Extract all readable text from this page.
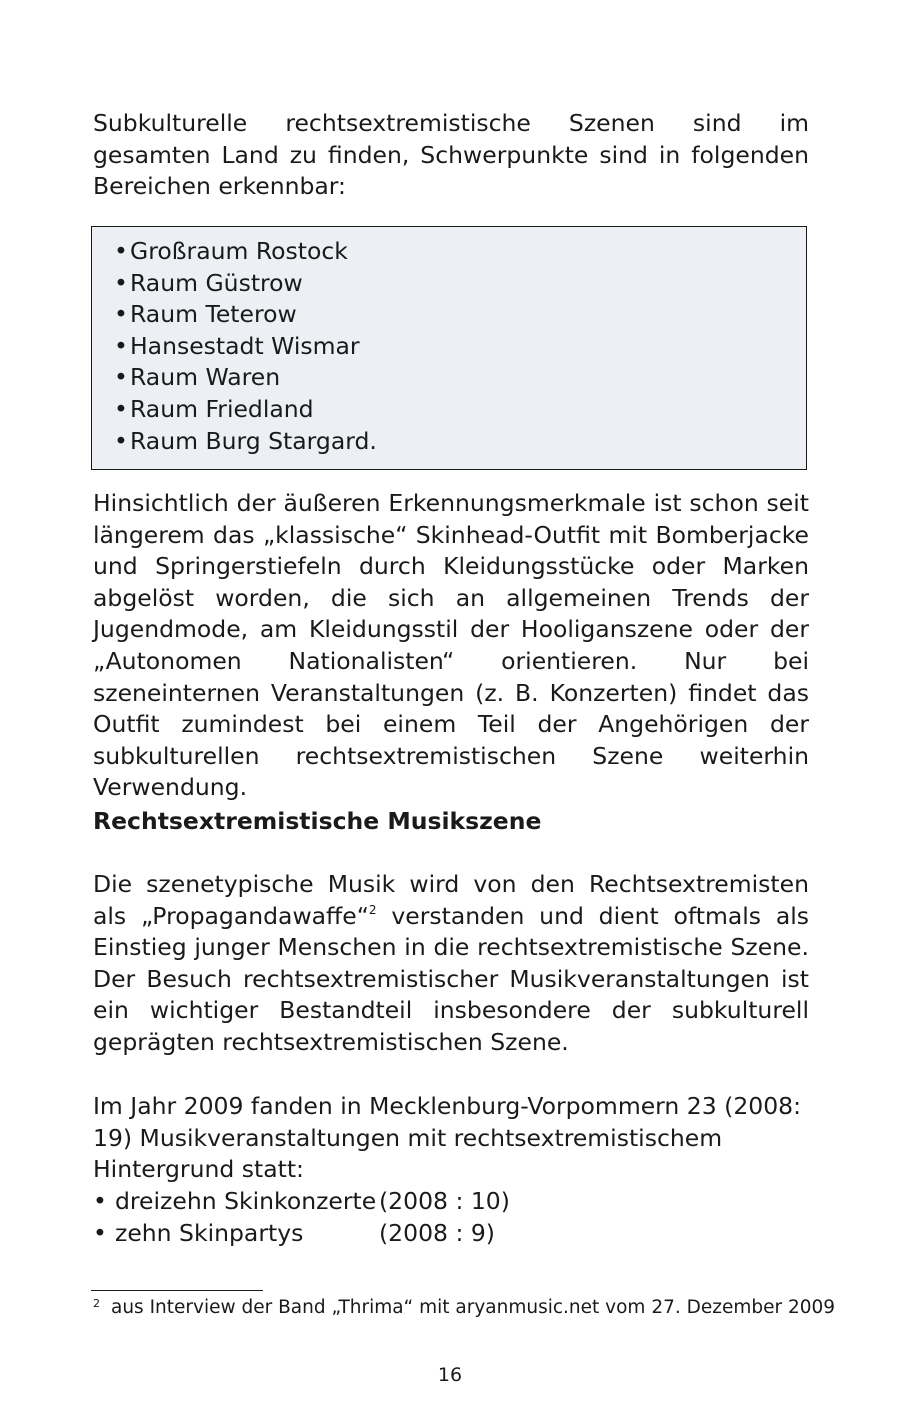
Subkulturelle rechtsextremistische Szenen sind im gesamten Land zu finden, Schwerpunkte sind in folgenden Bereichen erkennbar:

•Großraum Rostock
•Raum Güstrow
•Raum Teterow
•Hansestadt Wismar
•Raum Waren
•Raum Friedland
•Raum Burg Stargard.

Hinsichtlich der äußeren Erkennungsmerkmale ist schon seit längerem das „klassische“ Skinhead-Outfit mit Bomberjacke und Springerstiefeln durch Kleidungsstücke oder Marken abgelöst worden, die sich an allgemeinen Trends der Jugendmode, am Kleidungsstil der Hooliganszene oder der „Autonomen Nationalisten“ orientieren. Nur bei szeneinternen Veranstaltungen (z. B. Konzerten) findet das Outfit zumindest bei einem Teil der Angehörigen der subkulturellen rechtsextremistischen Szene weiterhin Verwendung.

Rechtsextremistische Musikszene

Die szenetypische Musik wird von den Rechtsextremisten als „Propagandawaffe“$^2$ verstanden und dient oftmals als Einstieg junger Menschen in die rechtsextremistische Szene. Der Besuch rechtsextremistischer Musikveranstaltungen ist ein wichtiger Bestandteil insbesondere der subkulturell geprägten rechtsextremistischen Szene.

Im Jahr 2009 fanden in Mecklenburg-Vorpommern 23 (2008: 19) Musikveranstaltungen mit rechtsextremistischem Hintergrund statt:

• dreizehn Skinkonzerte (2008 : 10)
• zehn Skinpartys	(2008 : 9)
2 aus Interview der Band „Thrima“ mit aryanmusic.net vom 27. Dezember 2009
16
